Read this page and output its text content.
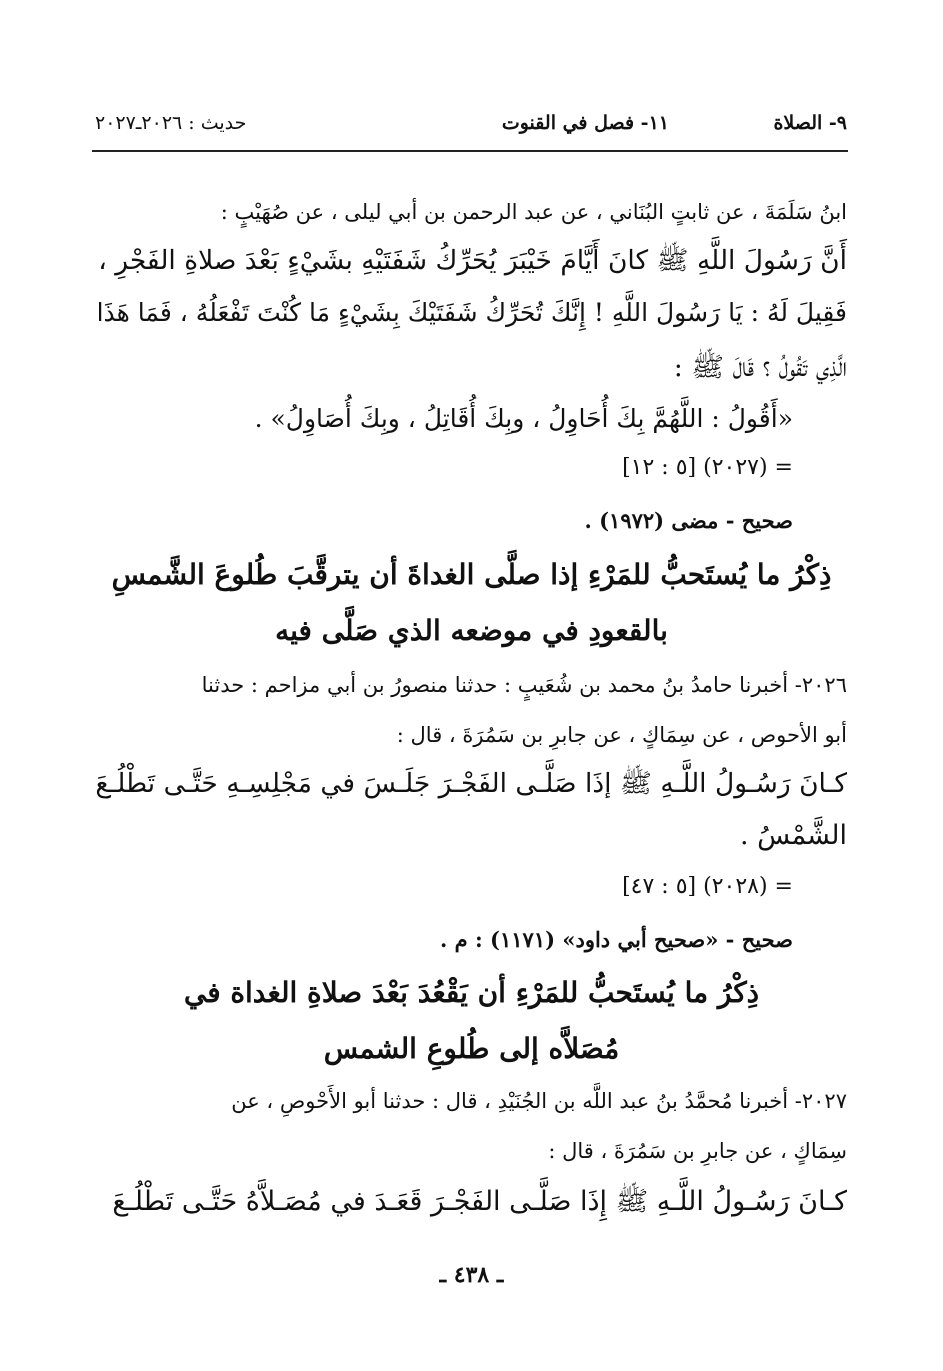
٩- الصلاة
١١- فصل في القنوت
حديث : ٢٠٢٦ـ٢٠٢٧
ابنُ سَلَمَةَ ، عن ثابتٍ البُنَاني ، عن عبد الرحمن بن أبي ليلى ، عن صُهَيْبٍ :
أَنَّ رَسُولَ اللَّهِ ﷺ كانَ أَيَّامَ خَيْبَرَ يُحَرِّكُ شَفَتَيْهِ بشَيْءٍ بَعْدَ صلاةِ الفَجْرِ ،
فَقِيلَ لَهُ : يَا رَسُولَ اللَّهِ ! إِنَّكَ تُحَرِّكُ شَفَتَيْكَ بِشَيْءٍ مَا كُنْتَ تَفْعَلُهُ ، فَمَا هَذَا
الَّذِي تَقُولُ ؟ قَالَ ﷺ :
«أَقُولُ : اللَّهُمَّ بِكَ أُحَاوِلُ ، وبِكَ أُقَاتِلُ ، وبِكَ أُصَاوِلُ» .
= (٢٠٢٧) [٥ : ١٢]
صحيح - مضى (١٩٧٢) .
ذِكْرُ ما يُستَحبُّ للمَرْءِ إذا صلَّى الغداةَ أن يترقَّبَ طُلوعَ الشَّمسِ
بالقعودِ في موضعه الذي صَلَّى فيه
٢٠٢٦- أخبرنا حامدُ بنُ محمد بن شُعَيبٍ : حدثنا منصورُ بن أبي مزاحم : حدثنا
أبو الأحوص ، عن سِمَاكٍ ، عن جابرِ بن سَمُرَةَ ، قال :
كـانَ رَسُـولُ اللَّـهِ ﷺ إذَا صَلَّـى الفَجْـرَ جَلَـسَ في مَجْلِسِـهِ حَتَّـى تَطْلُـعَ
الشَّمْسُ .
= (٢٠٢٨) [٥ : ٤٧]
صحيح - «صحيح أبي داود» (١١٧١) : م .
ذِكْرُ ما يُستَحبُّ للمَرْءِ أن يَقْعُدَ بَعْدَ صلاةِ الغداة في
مُصَلاَّه إلى طُلوعِ الشمس
٢٠٢٧- أخبرنا مُحمَّدُ بنُ عبد اللَّه بن الجُنَيْدِ ، قال : حدثنا أبو الأَحْوصِ ، عن
سِمَاكٍ ، عن جابرِ بن سَمُرَةَ ، قال :
كـانَ رَسُـولُ اللَّـهِ ﷺ إِذَا صَلَّـى الفَجْـرَ قَعَـدَ في مُصَـلاَّهُ حَتَّـى تَطْلُـعَ
ـ ٤٣٨ ـ
